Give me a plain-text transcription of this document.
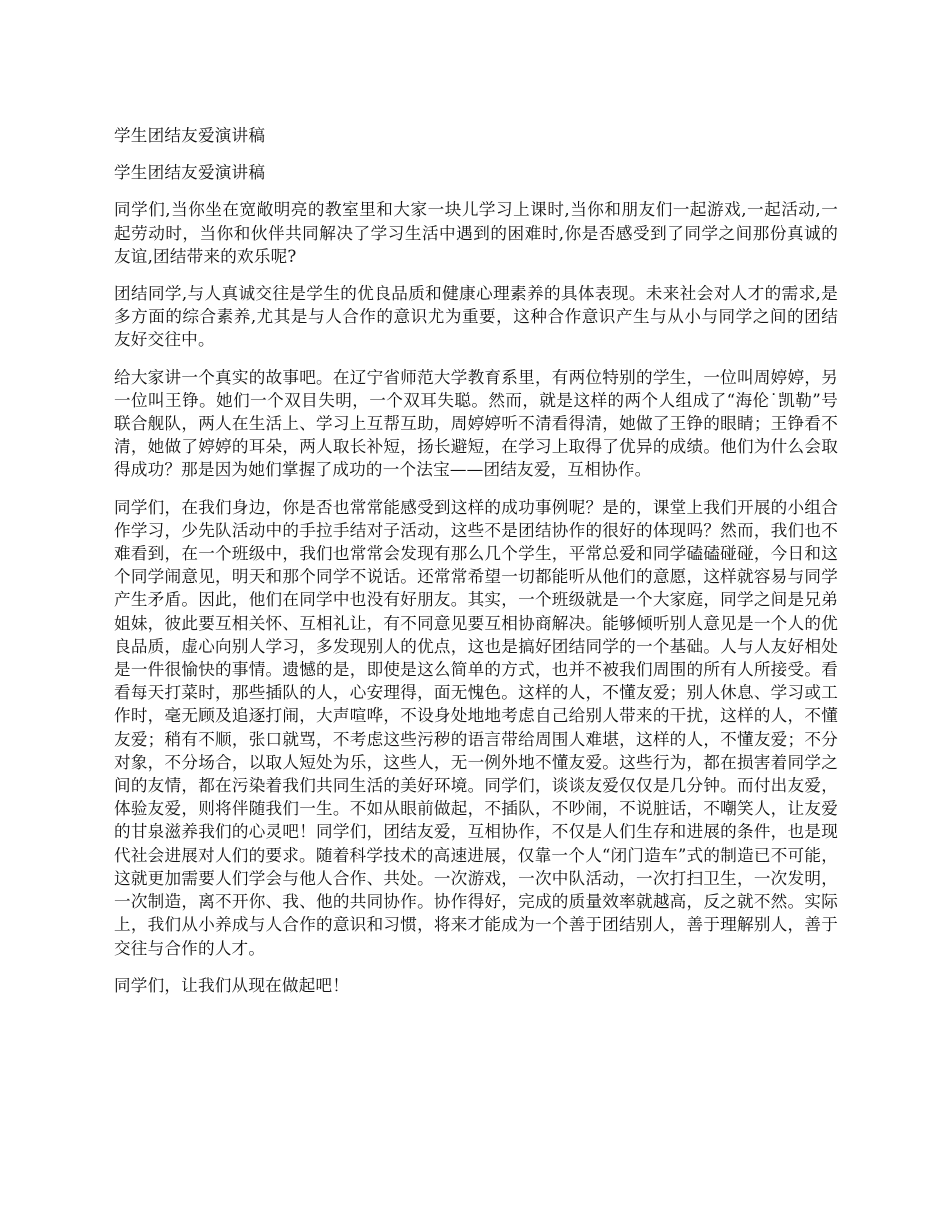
学生团结友爱演讲稿

学生团结友爱演讲稿

同学们,当你坐在宽敞明亮的教室里和大家一块儿学习上课时,当你和朋友们一起游戏,一起活动,一起劳动时，当你和伙伴共同解决了学习生活中遇到的困难时,你是否感受到了同学之间那份真诚的友谊,团结带来的欢乐呢?

团结同学,与人真诚交往是学生的优良品质和健康心理素养的具体表现。未来社会对人才的需求,是多方面的综合素养,尤其是与人合作的意识尤为重要，这种合作意识产生与从小与同学之间的团结友好交往中。

给大家讲一个真实的故事吧。在辽宁省师范大学教育系里，有两位特别的学生，一位叫周婷婷，另一位叫王铮。她们一个双目失明，一个双耳失聪。然而，就是这样的两个人组成了“海伦˙凯勒”号联合舰队，两人在生活上、学习上互帮互助，周婷婷听不清看得清，她做了王铮的眼睛；王铮看不清，她做了婷婷的耳朵，两人取长补短，扬长避短，在学习上取得了优异的成绩。他们为什么会取得成功？那是因为她们掌握了成功的一个法宝——团结友爱，互相协作。

同学们，在我们身边，你是否也常常能感受到这样的成功事例呢？是的，课堂上我们开展的小组合作学习，少先队活动中的手拉手结对子活动，这些不是团结协作的很好的体现吗？然而，我们也不难看到，在一个班级中，我们也常常会发现有那么几个学生，平常总爱和同学磕磕碰碰，今日和这个同学闹意见，明天和那个同学不说话。还常常希望一切都能听从他们的意愿，这样就容易与同学产生矛盾。因此，他们在同学中也没有好朋友。其实，一个班级就是一个大家庭，同学之间是兄弟姐妹，彼此要互相关怀、互相礼让，有不同意见要互相协商解决。能够倾听别人意见是一个人的优良品质，虚心向别人学习，多发现别人的优点，这也是搞好团结同学的一个基础。人与人友好相处是一件很愉快的事情。遗憾的是，即使是这么简单的方式，也并不被我们周围的所有人所接受。看看每天打菜时，那些插队的人，心安理得，面无愧色。这样的人，不懂友爱；别人休息、学习或工作时，毫无顾及追逐打闹，大声喧哗，不设身处地地考虑自己给别人带来的干扰，这样的人，不懂友爱；稍有不顺，张口就骂，不考虑这些污秽的语言带给周围人难堪，这样的人，不懂友爱；不分对象，不分场合，以取人短处为乐，这些人，无一例外地不懂友爱。这些行为，都在损害着同学之间的友情，都在污染着我们共同生活的美好环境。同学们，谈谈友爱仅仅是几分钟。而付出友爱，体验友爱，则将伴随我们一生。不如从眼前做起，不插队，不吵闹，不说脏话，不嘲笑人，让友爱的甘泉滋养我们的心灵吧！同学们，团结友爱，互相协作，不仅是人们生存和进展的条件，也是现代社会进展对人们的要求。随着科学技术的高速进展，仅靠一个人“闭门造车”式的制造已不可能，这就更加需要人们学会与他人合作、共处。一次游戏，一次中队活动，一次打扫卫生，一次发明，一次制造，离不开你、我、他的共同协作。协作得好，完成的质量效率就越高，反之就不然。实际上，我们从小养成与人合作的意识和习惯，将来才能成为一个善于团结别人，善于理解别人，善于交往与合作的人才。

同学们，让我们从现在做起吧！
